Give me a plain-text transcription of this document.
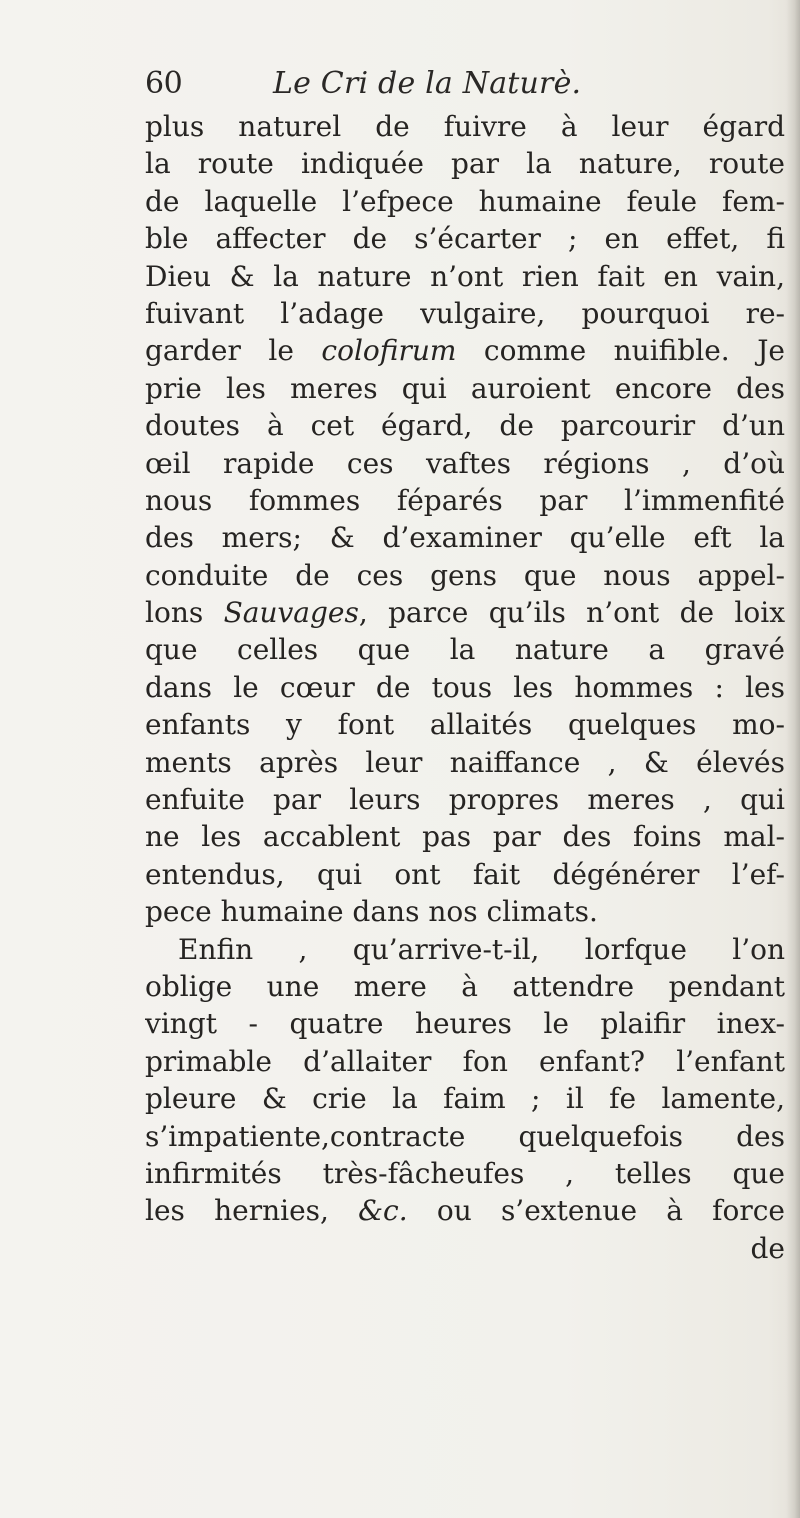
60	Le Cri de la Naturè.
plus naturel de fuivre à leur égard
la route indiquée par la nature, route
de laquelle l’efpece humaine feule fem-
ble affecter de s’écarter ; en effet, fi
Dieu & la nature n’ont rien fait en vain,
fuivant l’adage vulgaire, pourquoi re-
garder le colofirum comme nuifible. Je
prie les meres qui auroient encore des
doutes à cet égard, de parcourir d’un
œil rapide ces vaftes régions , d’où
nous fommes féparés par l’immenfité
des mers; & d’examiner qu’elle eft la
conduite de ces gens que nous appel-
lons Sauvages, parce qu’ils n’ont de loix
que celles que la nature a gravé
dans le cœur de tous les hommes : les
enfants y font allaités quelques mo-
ments après leur naiffance , & élevés
enfuite par leurs propres meres , qui
ne les accablent pas par des foins mal-
entendus, qui ont fait dégénérer l’ef-
pece humaine dans nos climats.
Enfin , qu’arrive-t-il, lorfque l’on
oblige une mere à attendre pendant
vingt - quatre heures le plaifir inex-
primable d’allaiter fon enfant? l’enfant
pleure & crie la faim ; il fe lamente,
s’impatiente,contracte quelquefois des
infirmités très-fâcheufes , telles que
les hernies, &c. ou s’extenue à force
de
